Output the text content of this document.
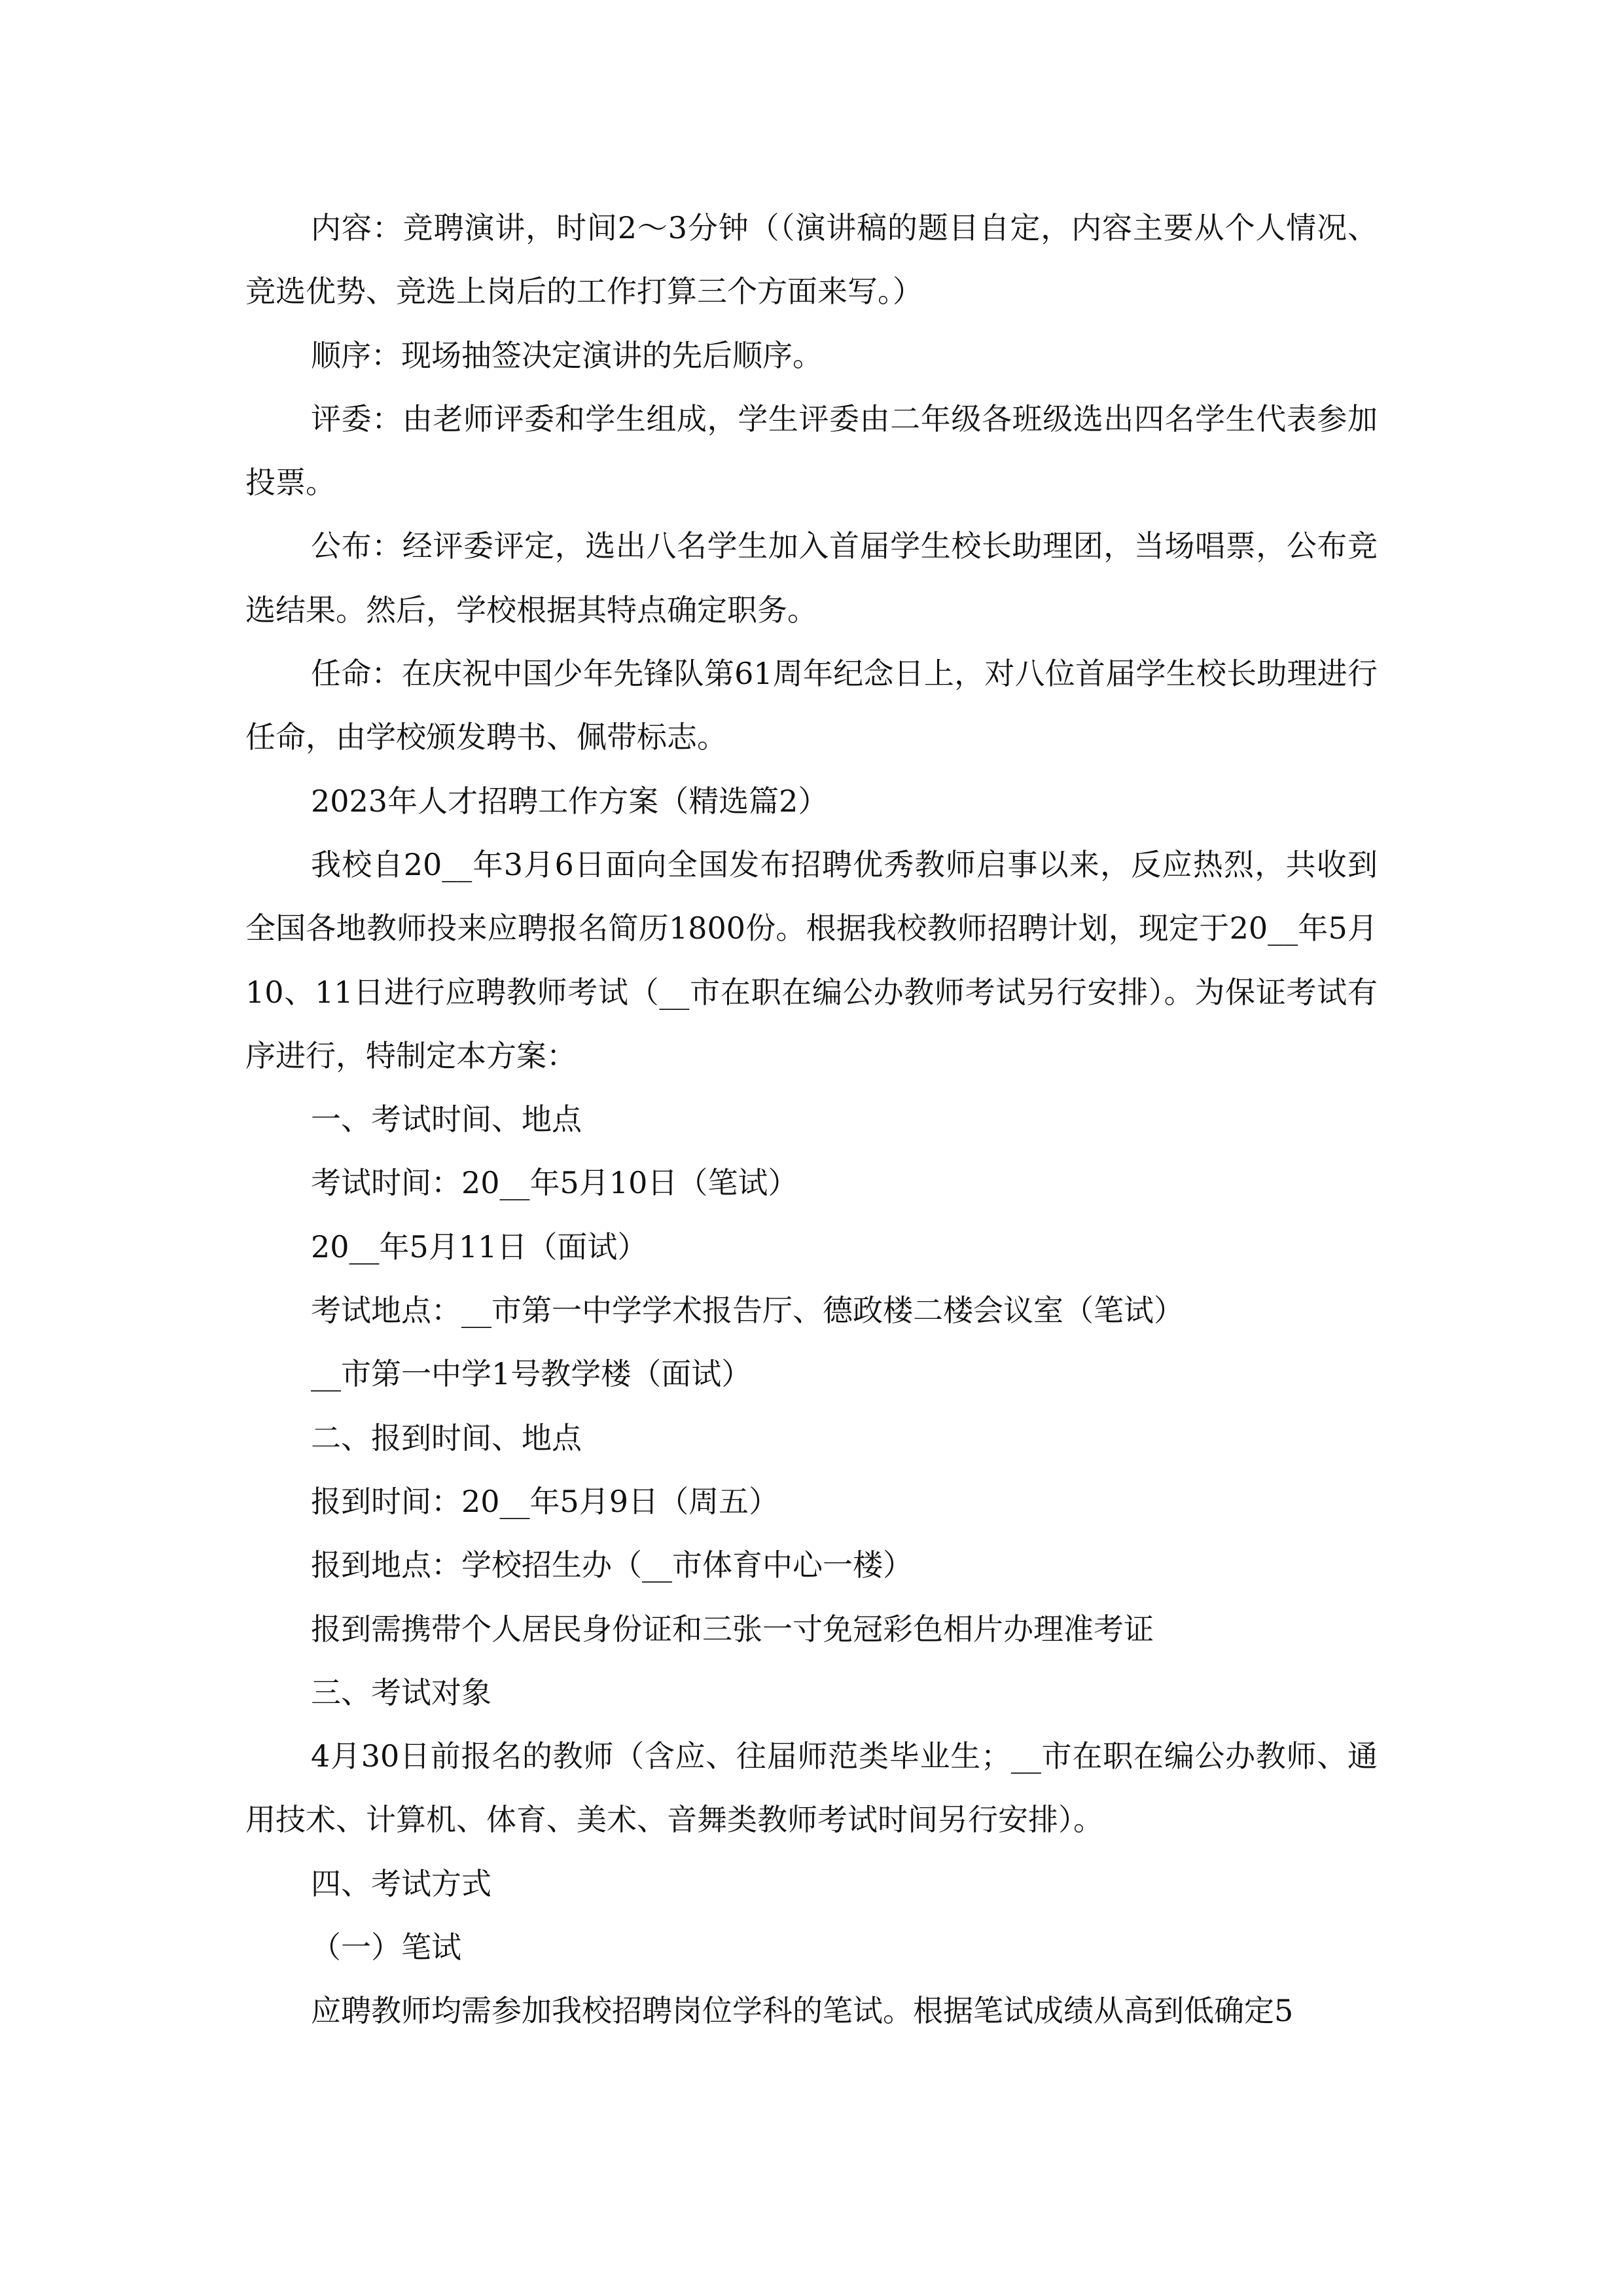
内容：竞聘演讲，时间2～3分钟（（演讲稿的题目自定，内容主要从个人情况、竞选优势、竞选上岗后的工作打算三个方面来写。）

顺序：现场抽签决定演讲的先后顺序。

评委：由老师评委和学生组成，学生评委由二年级各班级选出四名学生代表参加投票。

公布：经评委评定，选出八名学生加入首届学生校长助理团，当场唱票，公布竞选结果。然后，学校根据其特点确定职务。

任命：在庆祝中国少年先锋队第61周年纪念日上，对八位首届学生校长助理进行任命，由学校颁发聘书、佩带标志。

2023年人才招聘工作方案（精选篇2）

我校自20__年3月6日面向全国发布招聘优秀教师启事以来，反应热烈，共收到全国各地教师投来应聘报名简历1800份。根据我校教师招聘计划，现定于20__年5月10、11日进行应聘教师考试（__市在职在编公办教师考试另行安排）。为保证考试有序进行，特制定本方案：

一、考试时间、地点

考试时间：20__年5月10日（笔试）

20__年5月11日（面试）

考试地点：__市第一中学学术报告厅、德政楼二楼会议室（笔试）

__市第一中学1号教学楼（面试）

二、报到时间、地点

报到时间：20__年5月9日（周五）

报到地点：学校招生办（__市体育中心一楼）

报到需携带个人居民身份证和三张一寸免冠彩色相片办理准考证

三、考试对象

4月30日前报名的教师（含应、往届师范类毕业生；__市在职在编公办教师、通用技术、计算机、体育、美术、音舞类教师考试时间另行安排）。

四、考试方式

（一）笔试

应聘教师均需参加我校招聘岗位学科的笔试。根据笔试成绩从高到低确定5
